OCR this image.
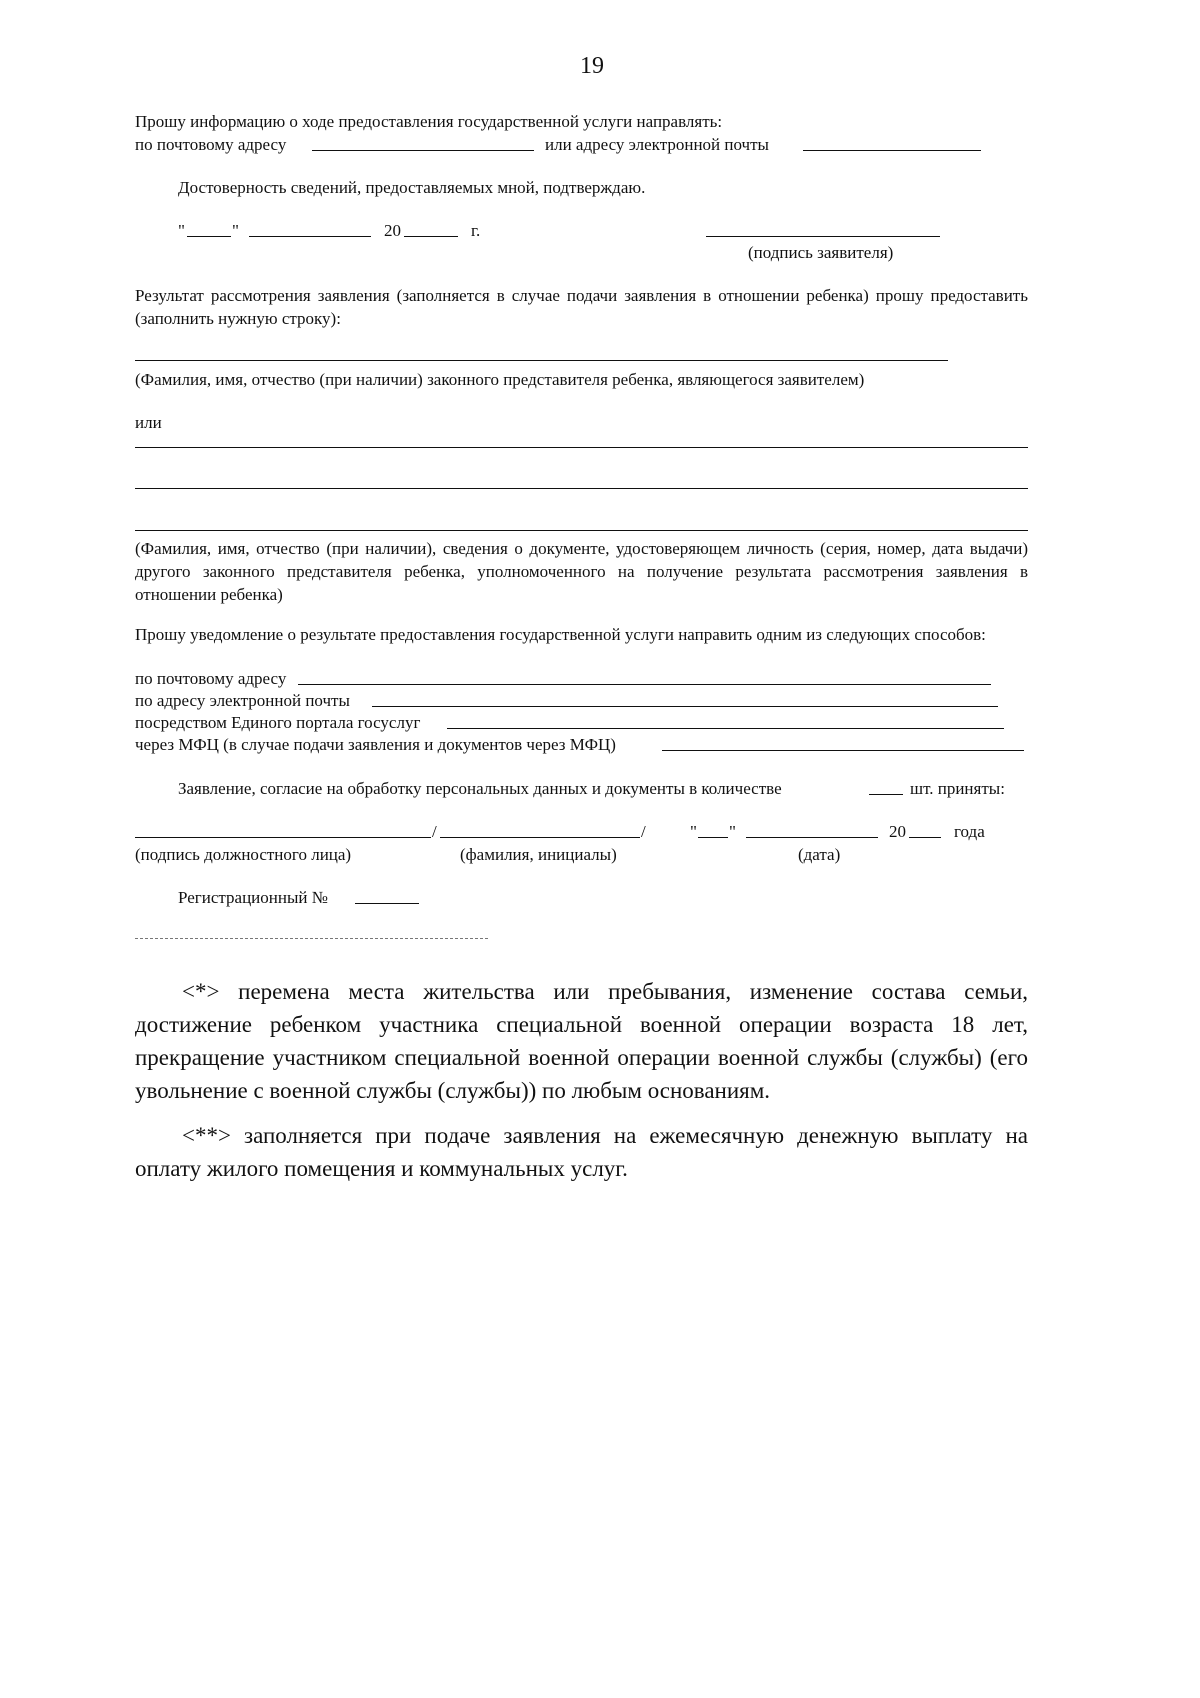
19
Прошу информацию о ходе предоставления государственной услуги направлять:
по почтовому адресу	или адресу электронной почты
Достоверность сведений, предоставляемых мной, подтверждаю.
"	"	20	г.
(подпись заявителя)
Результат рассмотрения заявления (заполняется в случае подачи заявления в отношении ребенка) прошу предоставить (заполнить нужную строку):
(Фамилия, имя, отчество (при наличии) законного представителя ребенка, являющегося заявителем)
или
(Фамилия, имя, отчество (при наличии), сведения о документе, удостоверяющем личность (серия, номер, дата выдачи) другого законного представителя ребенка, уполномоченного на получение результата рассмотрения заявления в отношении ребенка)
Прошу уведомление о результате предоставления государственной услуги направить одним из следующих способов:
по почтовому адресу
по адресу электронной почты
посредством Единого портала госуслуг
через МФЦ (в случае подачи заявления и документов через МФЦ)
Заявление, согласие на обработку персональных данных и документы в количестве	шт. приняты:
/	/	" "	20	года
(подпись должностного лица)	(фамилия, инициалы)	(дата)
Регистрационный №
<*> перемена места жительства или пребывания, изменение состава семьи, достижение ребенком участника специальной военной операции возраста 18 лет, прекращение участником специальной военной операции военной службы (службы) (его увольнение с военной службы (службы)) по любым основаниям.
<**> заполняется при подаче заявления на ежемесячную денежную выплату на оплату жилого помещения и коммунальных услуг.
